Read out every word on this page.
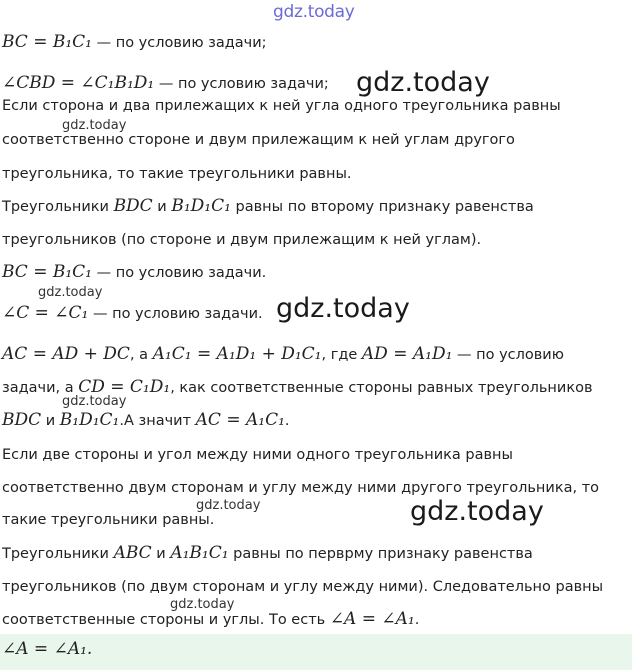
gdz.today
BC = B₁C₁ — по условию задачи;
∠CBD = ∠C₁B₁D₁ — по условию задачи; gdz.today
Если сторона и два прилежащих к ней угла одного треугольника равны
gdz.today
соответственно стороне и двум прилежащим к ней углам другого
треугольника, то такие треугольники равны.
Треугольники BDC и B₁D₁C₁ равны по второму признаку равенства
треугольников (по стороне и двум прилежащим к ней углам).
BC = B₁C₁ — по условию задачи.
gdz.today
∠C = ∠C₁ — по условию задачи. gdz.today
AC = AD + DC, а A₁C₁ = A₁D₁ + D₁C₁, где AD = A₁D₁ — по условию
задачи, а CD = C₁D₁, как соответственные стороны равных треугольников
gdz.today
BDC и B₁D₁C₁.А значит AC = A₁C₁.
Если две стороны и угол между ними одного треугольника равны
соответственно двум сторонам и углу между ними другого треугольника, то
gdz.today
такие треугольники равны.	gdz.today
Треугольники ABC и A₁B₁C₁ равны по перврму признаку равенства
треугольников (по двум сторонам и углу между ними). Следовательно равны
gdz.today
соответственные стороны и углы. То есть ∠A = ∠A₁.
∠A = ∠A₁.
